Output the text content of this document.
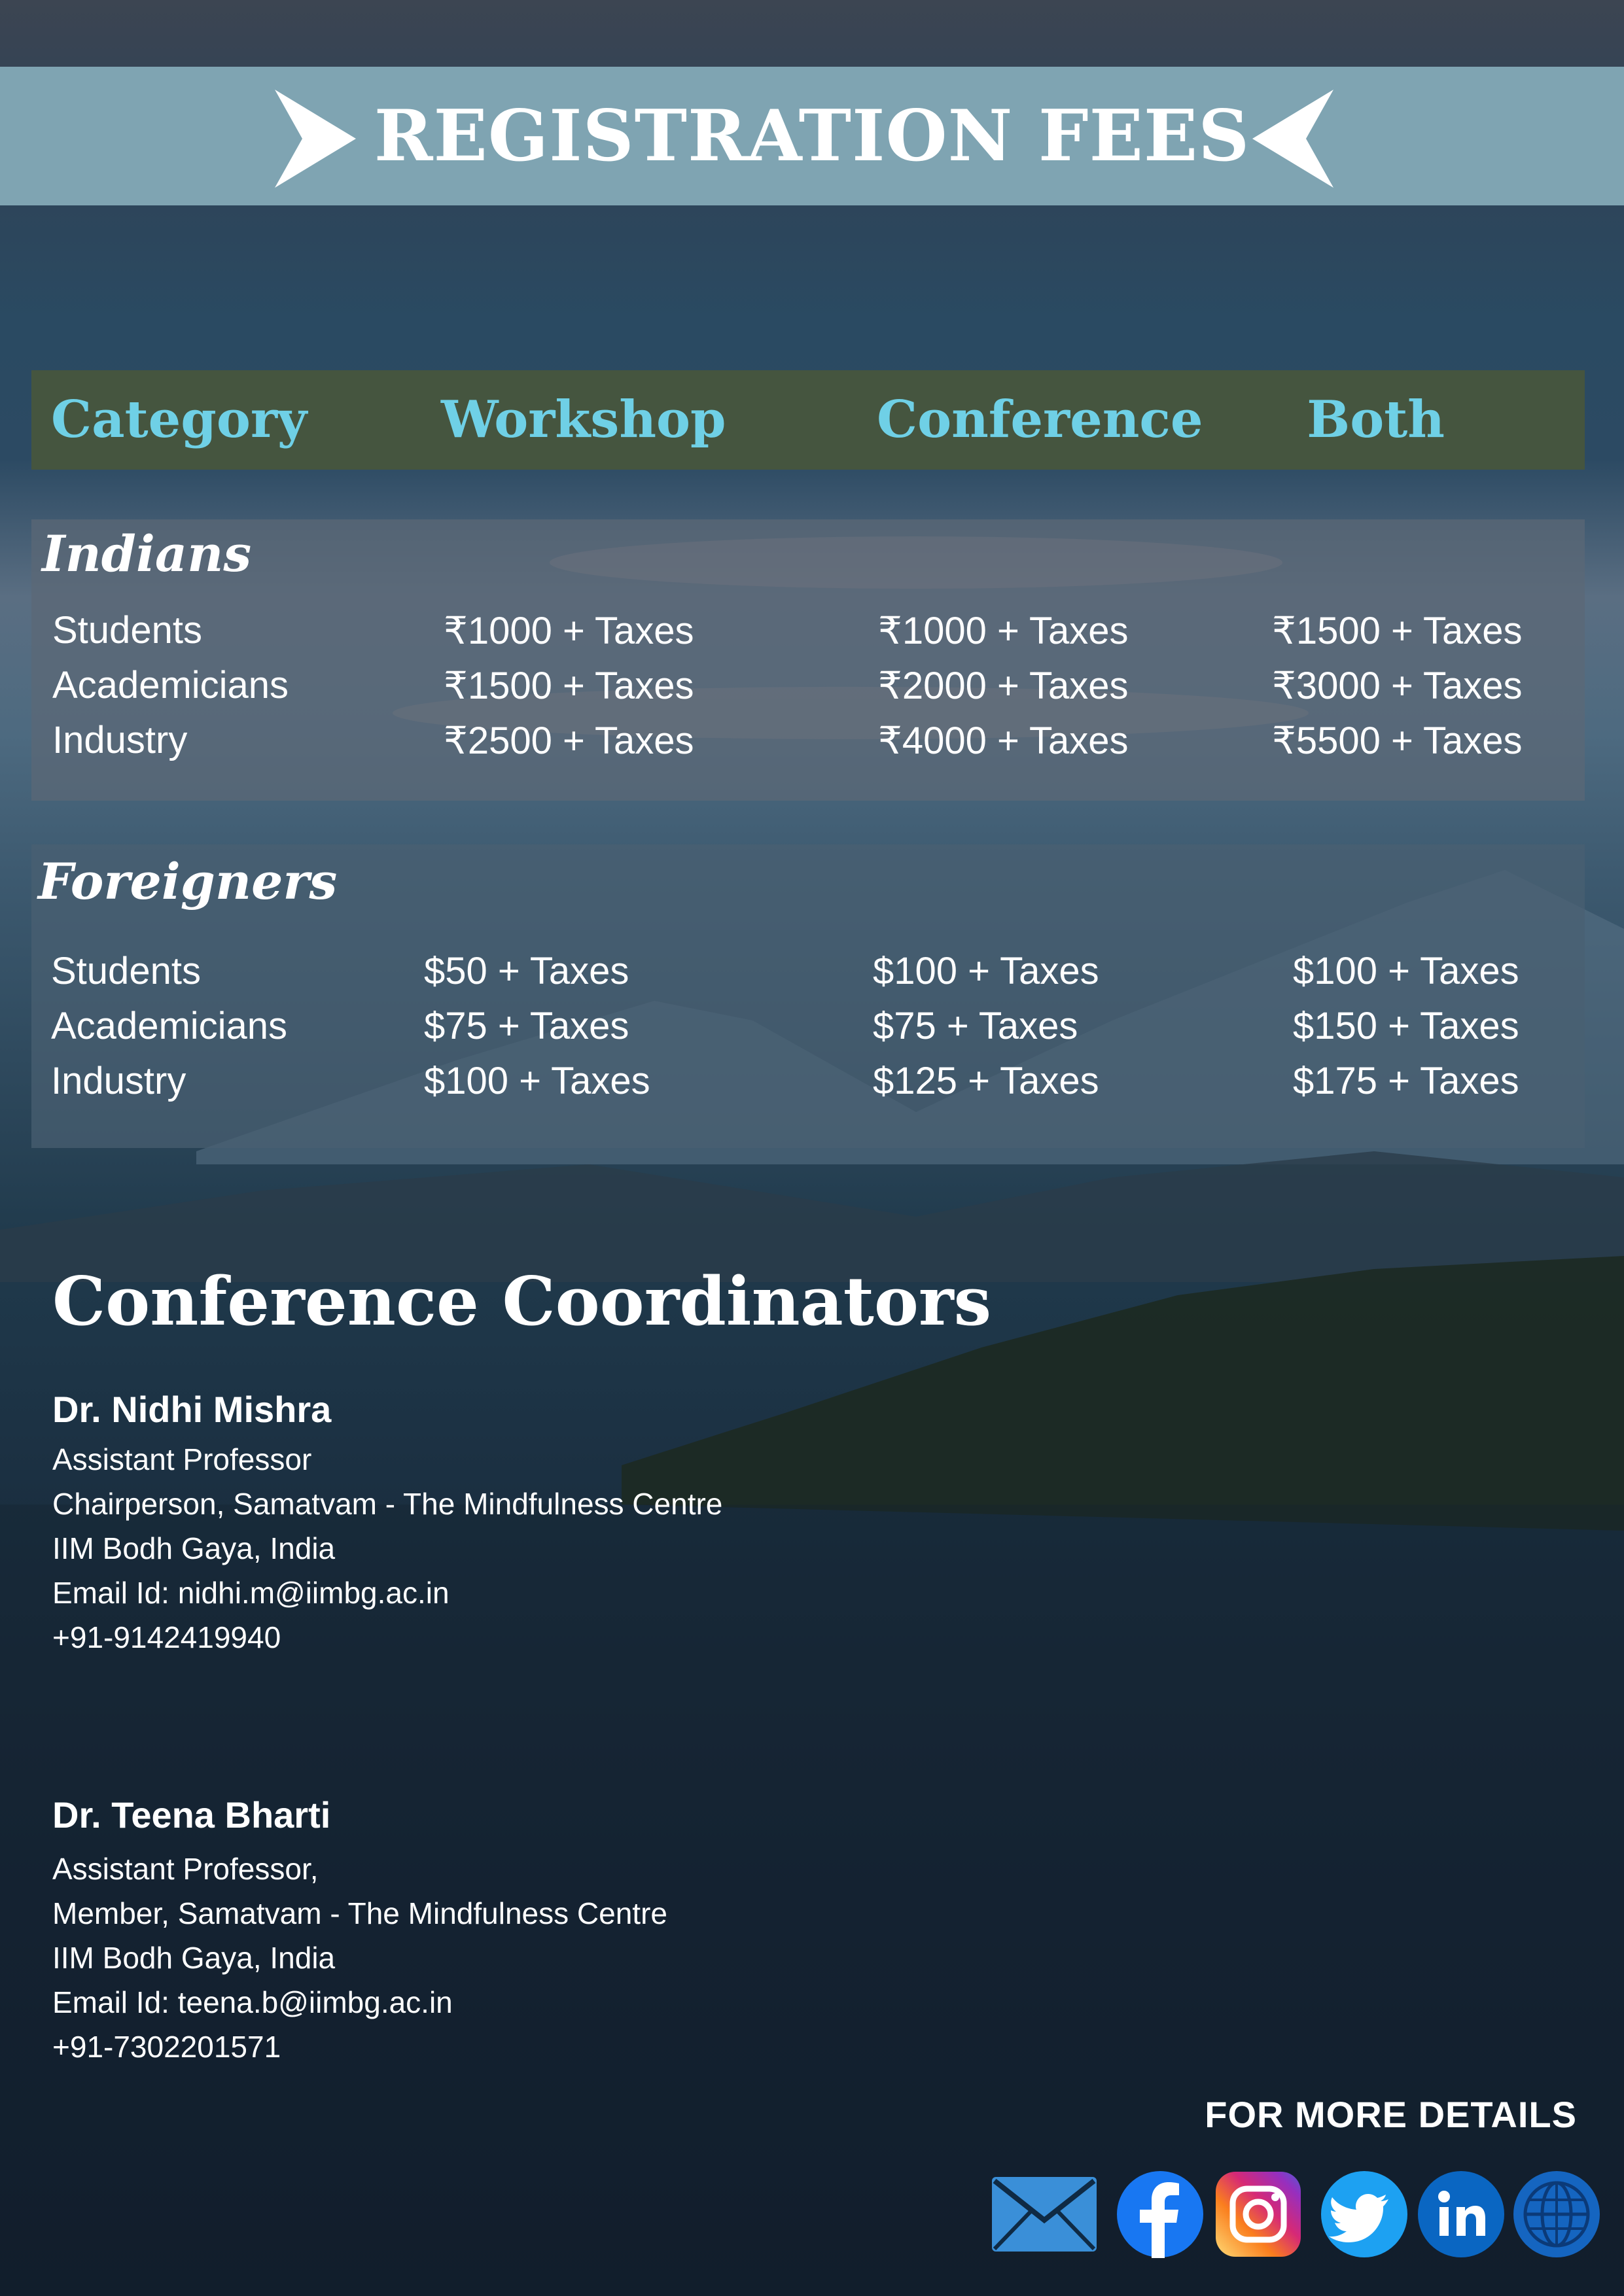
REGISTRATION FEES
Category	Workshop	Conference	Both
Indians
Students	₹1000 + Taxes	₹1000 + Taxes	₹1500 + Taxes
Academicians	₹1500 + Taxes	₹2000 + Taxes	₹3000 + Taxes
Industry	₹2500 + Taxes	₹4000 + Taxes	₹5500 + Taxes
Foreigners
Students	$50 + Taxes	$100 + Taxes	$100 + Taxes
Academicians	$75 + Taxes	$75 + Taxes	$150 + Taxes
Industry	$100 + Taxes	$125 + Taxes	$175 + Taxes
Conference Coordinators
Dr. Nidhi Mishra
Assistant Professor
Chairperson, Samatvam - The Mindfulness Centre
IIM Bodh Gaya, India
Email Id: nidhi.m@iimbg.ac.in
+91-9142419940
Dr. Teena Bharti
Assistant Professor,
Member, Samatvam - The Mindfulness Centre
IIM Bodh Gaya, India
Email Id: teena.b@iimbg.ac.in
+91-7302201571
FOR MORE DETAILS
